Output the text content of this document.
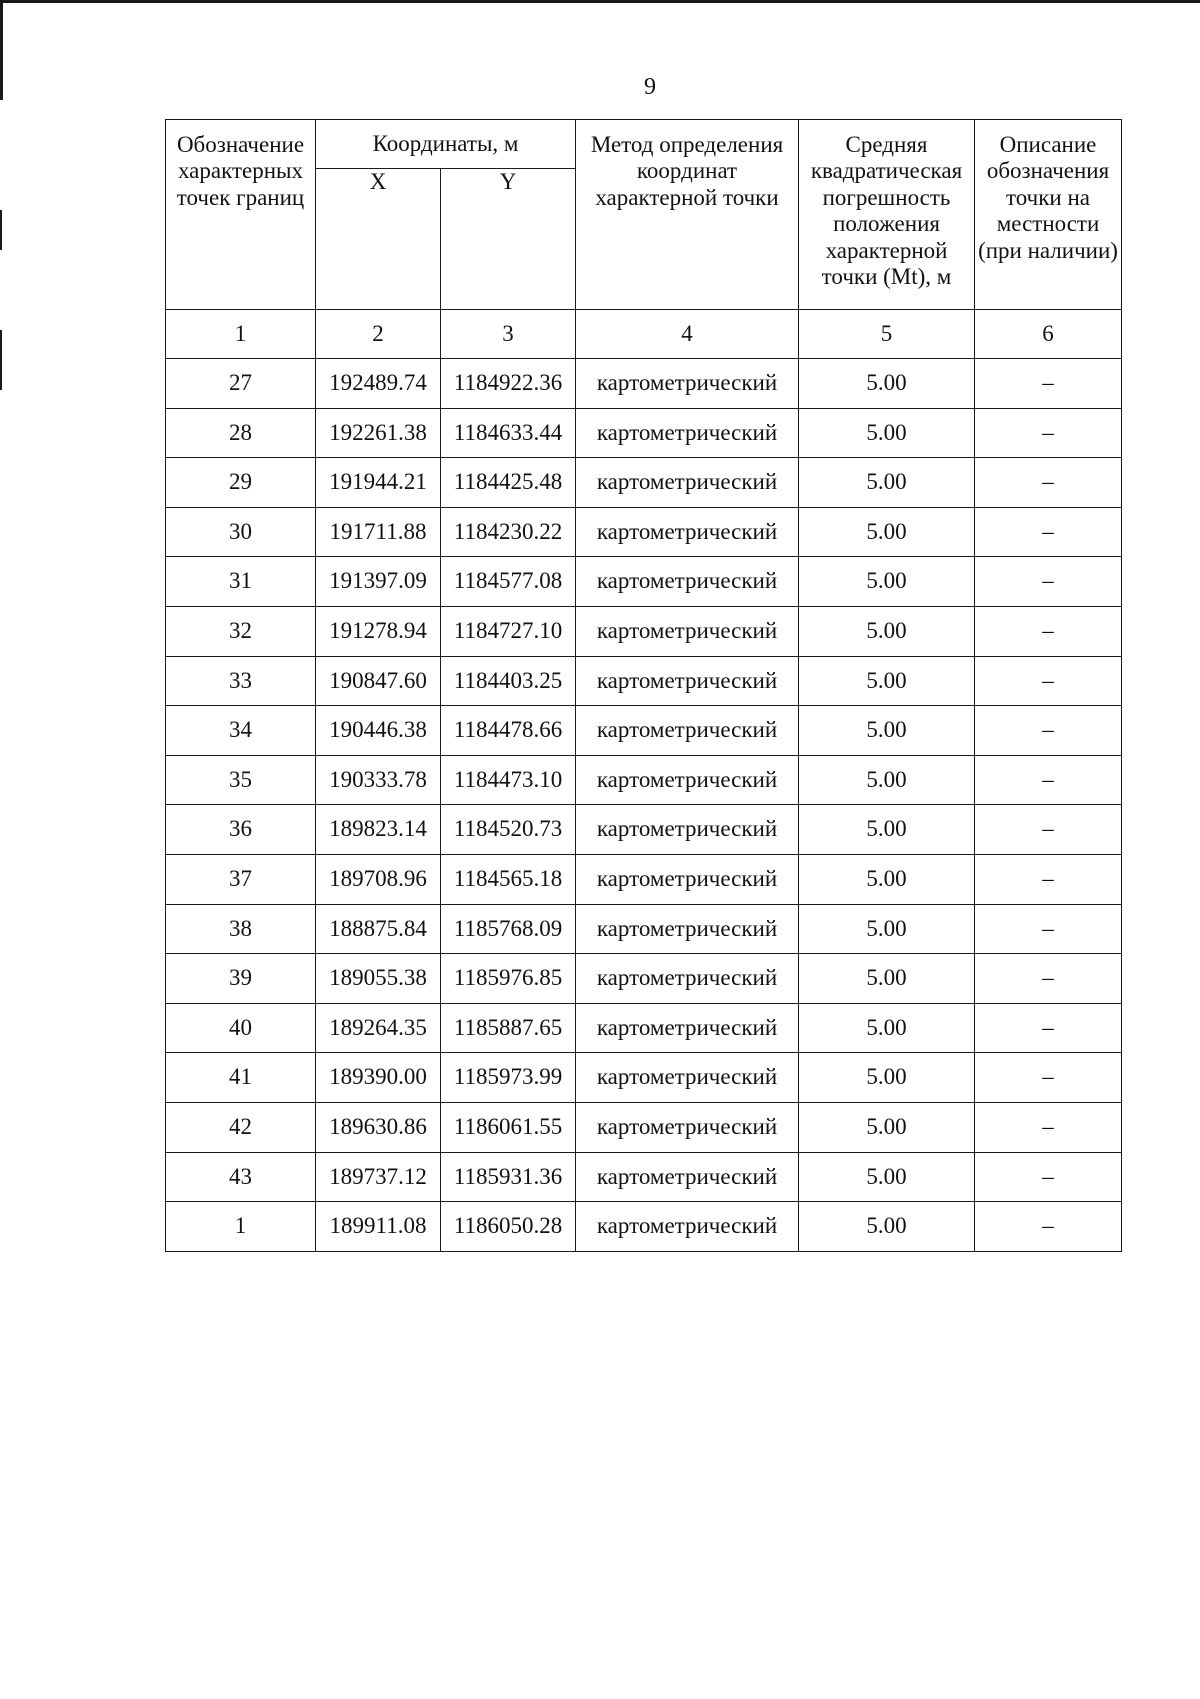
9
Обозначение характерных точек границ	Координаты, м		Метод определения координат характерной точки	Средняя квадратическая погрешность положения характерной точки (Mt), м	Описание обозначения точки на местности (при наличии)
	X	Y			
1	2	3	4	5	6
27	192489.74	1184922.36	картометрический	5.00	–
28	192261.38	1184633.44	картометрический	5.00	–
29	191944.21	1184425.48	картометрический	5.00	–
30	191711.88	1184230.22	картометрический	5.00	–
31	191397.09	1184577.08	картометрический	5.00	–
32	191278.94	1184727.10	картометрический	5.00	–
33	190847.60	1184403.25	картометрический	5.00	–
34	190446.38	1184478.66	картометрический	5.00	–
35	190333.78	1184473.10	картометрический	5.00	–
36	189823.14	1184520.73	картометрический	5.00	–
37	189708.96	1184565.18	картометрический	5.00	–
38	188875.84	1185768.09	картометрический	5.00	–
39	189055.38	1185976.85	картометрический	5.00	–
40	189264.35	1185887.65	картометрический	5.00	–
41	189390.00	1185973.99	картометрический	5.00	–
42	189630.86	1186061.55	картометрический	5.00	–
43	189737.12	1185931.36	картометрический	5.00	–
1	189911.08	1186050.28	картометрический	5.00	–
